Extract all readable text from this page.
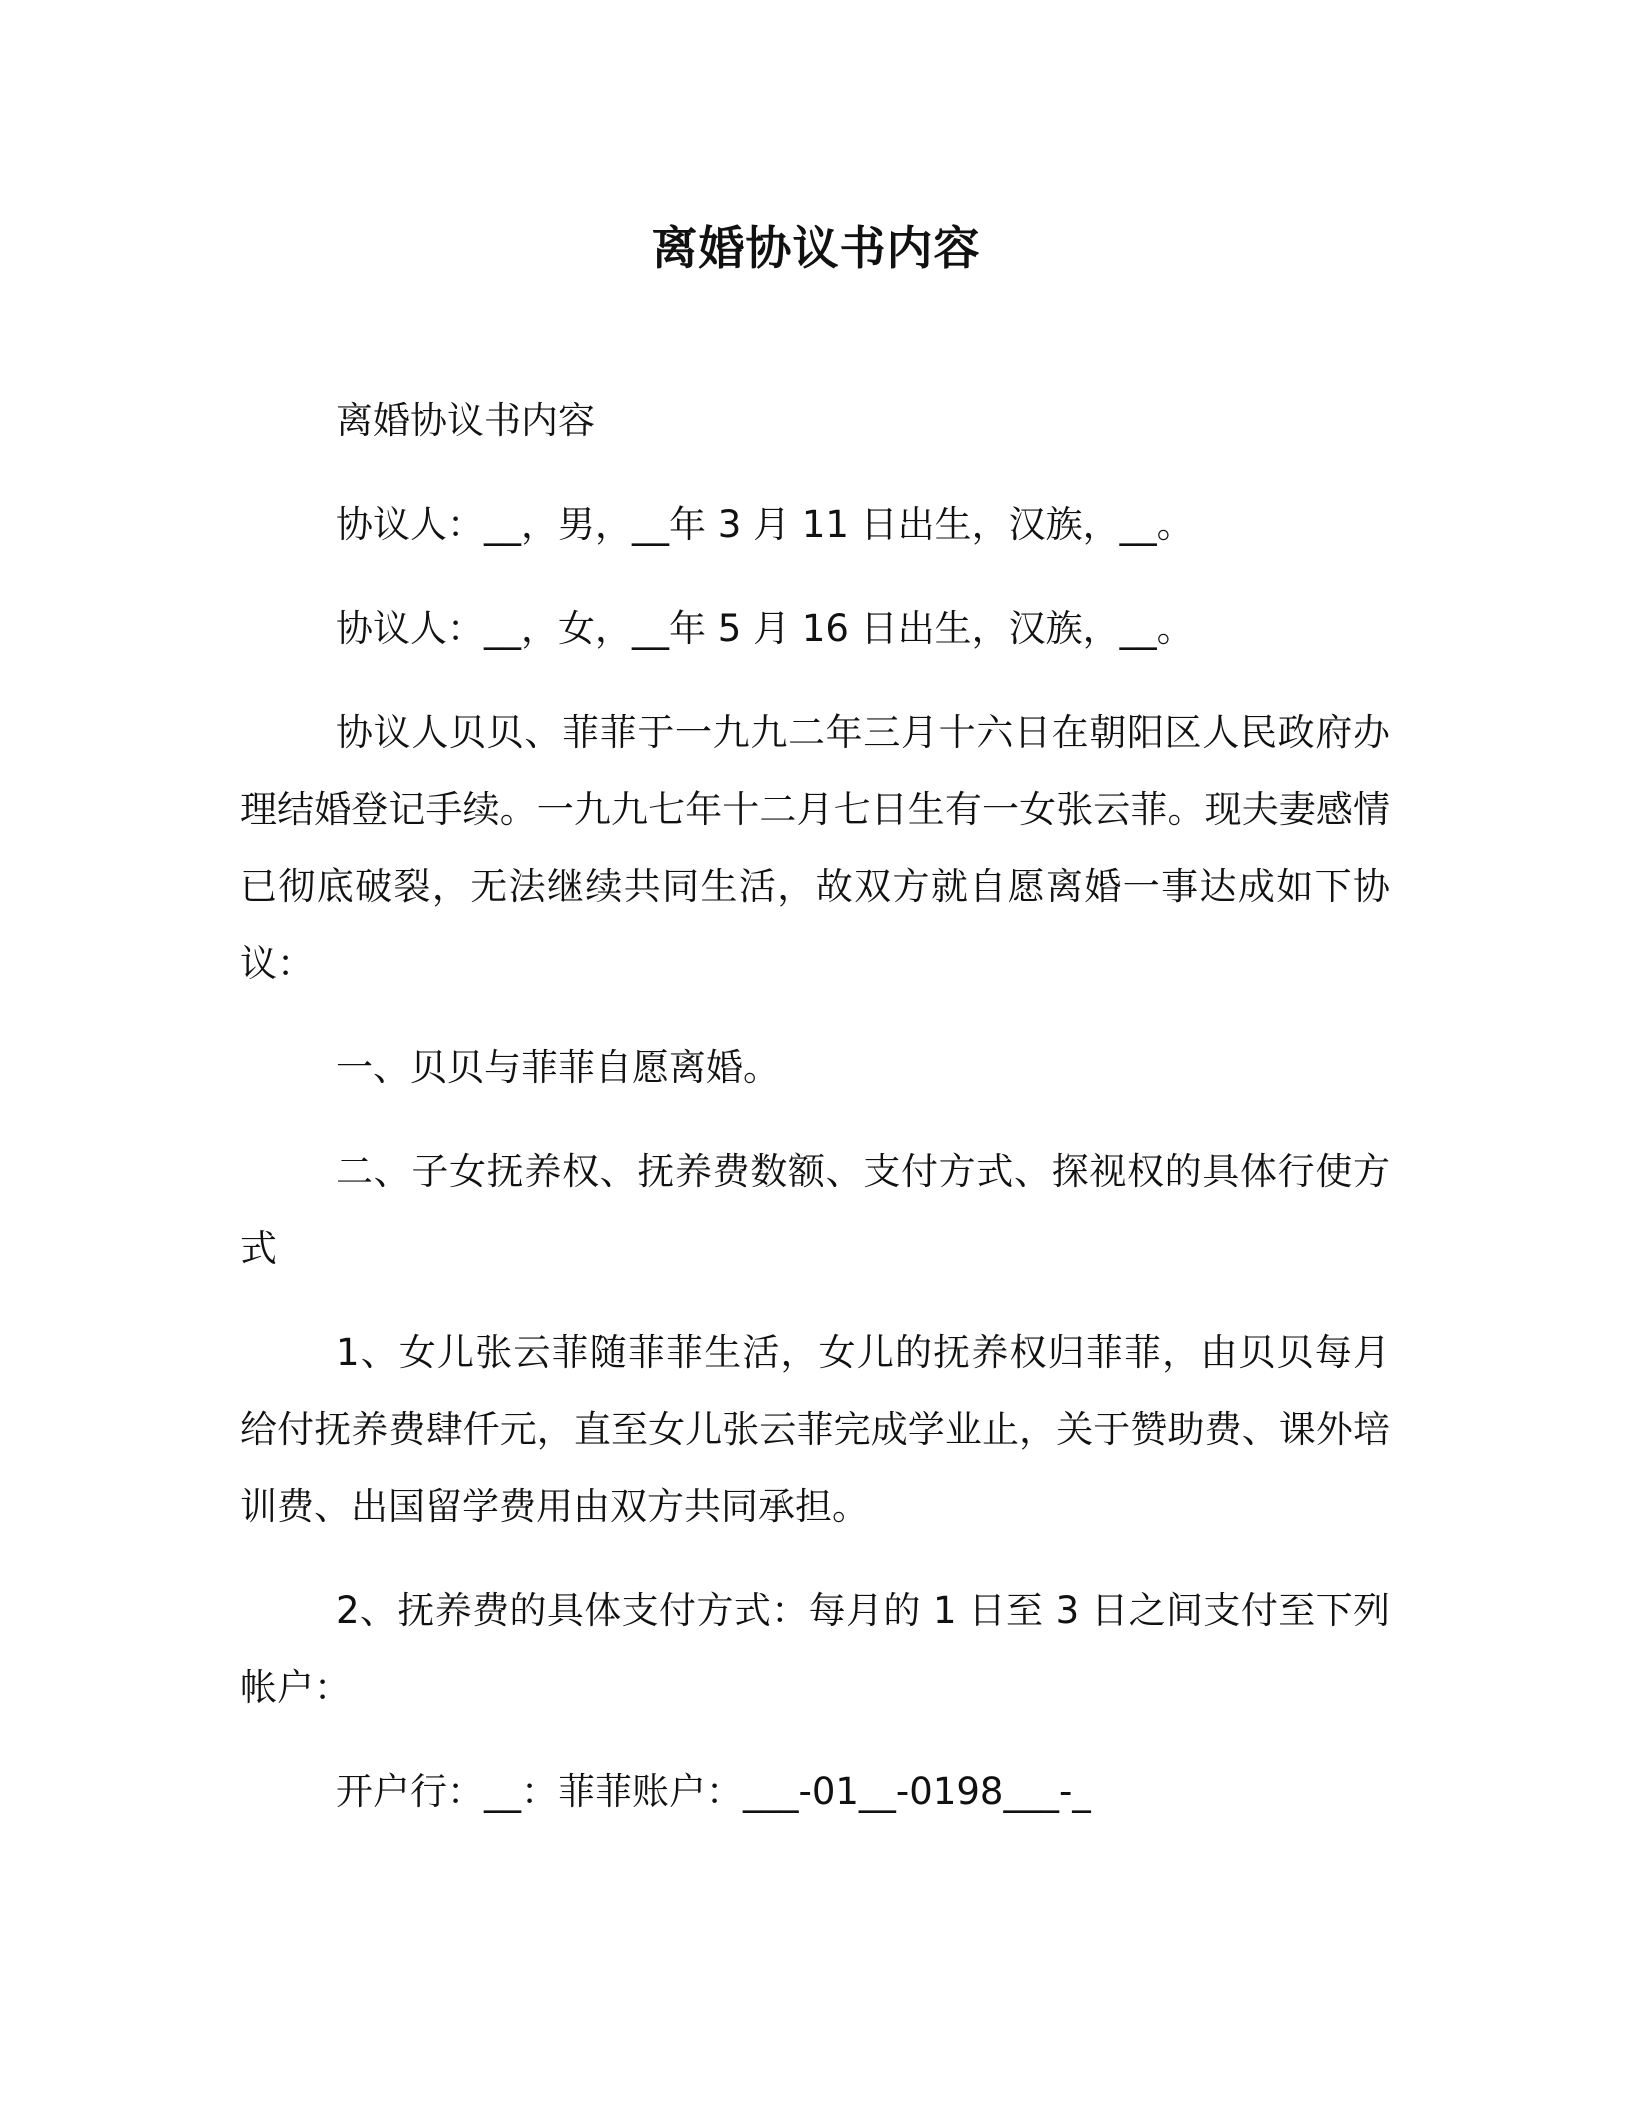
离婚协议书内容

离婚协议书内容

协议人：__，男，__年 3 月 11 日出生，汉族，__。

协议人：__，女，__年 5 月 16 日出生，汉族，__。

协议人贝贝、菲菲于一九九二年三月十六日在朝阳区人民政府办理结婚登记手续。一九九七年十二月七日生有一女张云菲。现夫妻感情已彻底破裂，无法继续共同生活，故双方就自愿离婚一事达成如下协议：

一、贝贝与菲菲自愿离婚。

二、子女抚养权、抚养费数额、支付方式、探视权的具体行使方式

1、女儿张云菲随菲菲生活，女儿的抚养权归菲菲，由贝贝每月给付抚养费肆仟元，直至女儿张云菲完成学业止，关于赞助费、课外培训费、出国留学费用由双方共同承担。

2、抚养费的具体支付方式：每月的 1 日至 3 日之间支付至下列帐户：

开户行：__：菲菲账户：___-01__-0198___-_
